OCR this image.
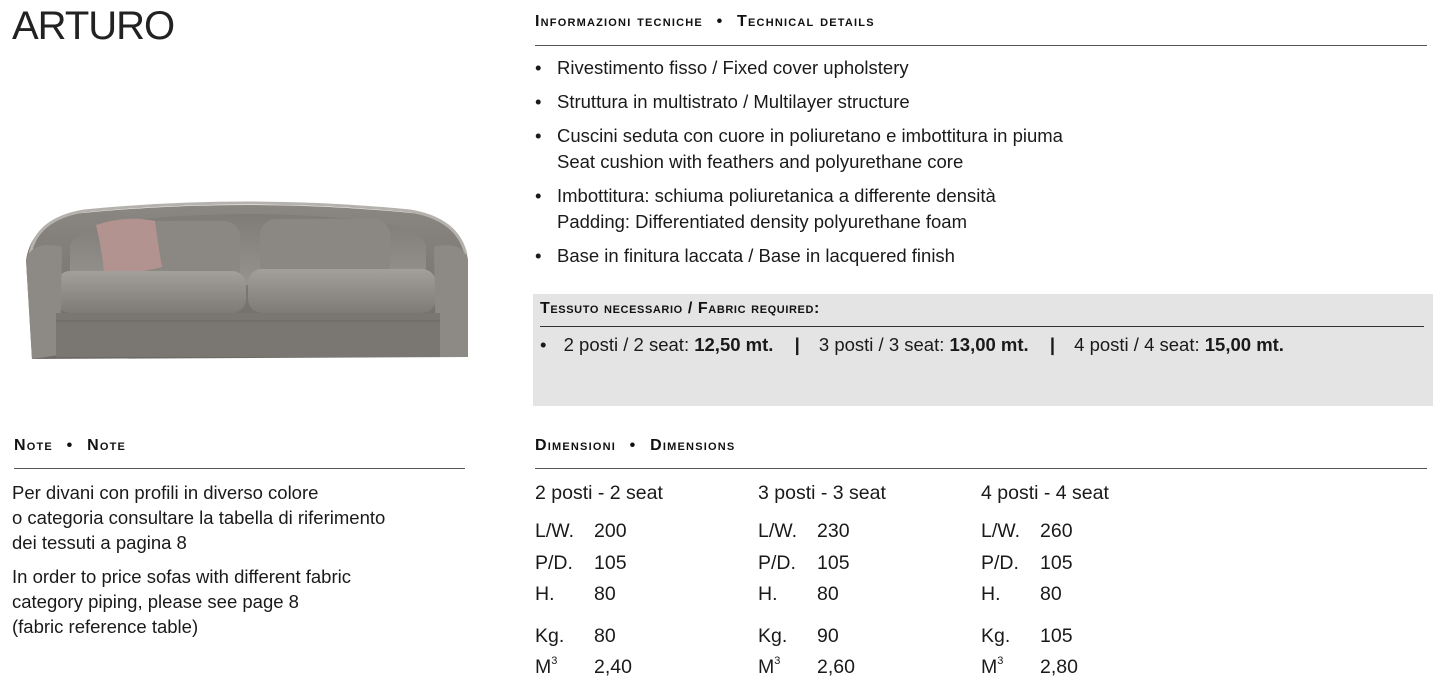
ARTURO	Informazioni tecniche • Technical details
• Rivestimento fisso / Fixed cover upholstery
• Struttura in multistrato / Multilayer structure
• Cuscini seduta con cuore in poliuretano e imbottitura in piuma
Seat cushion with feathers and polyurethane core
• Imbottitura: schiuma poliuretanica a differente densità
Padding: Differentiated density polyurethane foam
• Base in finitura laccata / Base in lacquered finish
Tessuto necessario / Fabric required:
• 2 posti / 2 seat: 12,50 mt. | 3 posti / 3 seat: 13,00 mt. | 4 posti / 4 seat: 15,00 mt.
Note • Note
Per divani con profili in diverso colore
o categoria consultare la tabella di riferimento
dei tessuti a pagina 8
In order to price sofas with different fabric
category piping, please see page 8
(fabric reference table)
Dimensioni • Dimensions
2 posti - 2 seat
L/W.	200
P/D.	105
H.	80
Kg.	80
$M^3$	2,40
3 posti - 3 seat
L/W.	230
P/D.	105
H.	80
Kg.	90
$M^3$	2,60
4 posti - 4 seat
L/W.	260
P/D.	105
H.	80
Kg.	105
$M^3$	2,80
